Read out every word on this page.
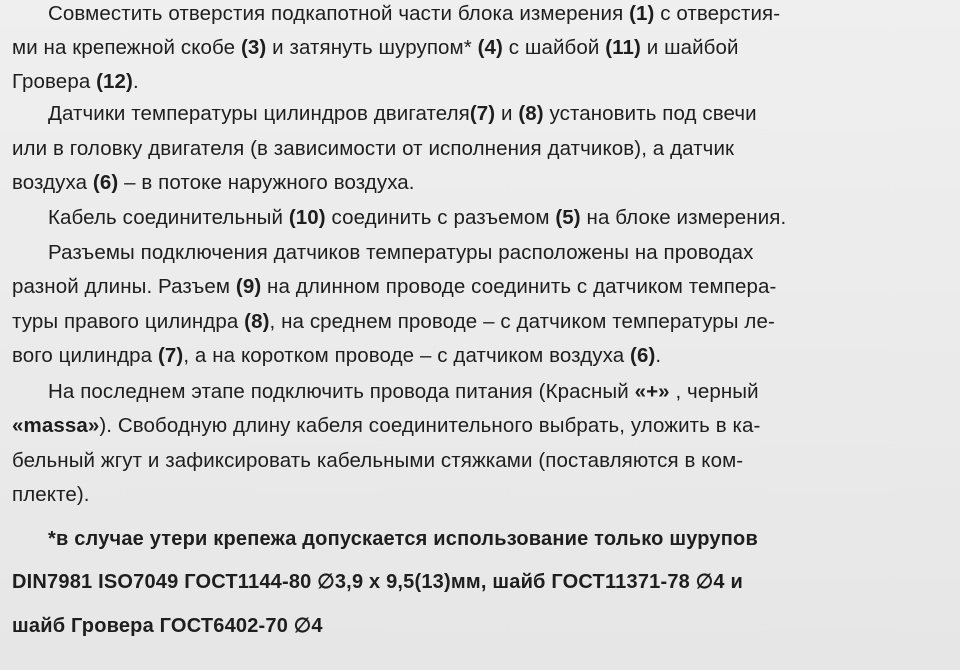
Совместить отверстия подкапотной части блока измерения (1) с отверстия-
ми на крепежной скобе (3) и затянуть шурупом* (4) с шайбой (11) и шайбой
Гровера (12).
Датчики температуры цилиндров двигателя(7) и (8) установить под свечи
или в головку двигателя (в зависимости от исполнения датчиков), а датчик
воздуха (6) – в потоке наружного воздуха.
Кабель соединительный (10) соединить с разъемом (5) на блоке измерения.
Разъемы подключения датчиков температуры расположены на проводах
разной длины. Разъем (9) на длинном проводе соединить с датчиком темпера-
туры правого цилиндра (8), на среднем проводе – с датчиком температуры ле-
вого цилиндра (7), а на коротком проводе – с датчиком воздуха (6).
На последнем этапе подключить провода питания (Красный «+» , черный
«massa»). Свободную длину кабеля соединительного выбрать, уложить в ка-
бельный жгут и зафиксировать кабельными стяжками (поставляются в ком-
плекте).
*в случае утери крепежа допускается использование только шурупов
DIN7981 ISO7049 ГОСТ1144-80 ∅3,9 х 9,5(13)мм, шайб ГОСТ11371-78 ∅4 и
шайб Гровера ГОСТ6402-70 ∅4
